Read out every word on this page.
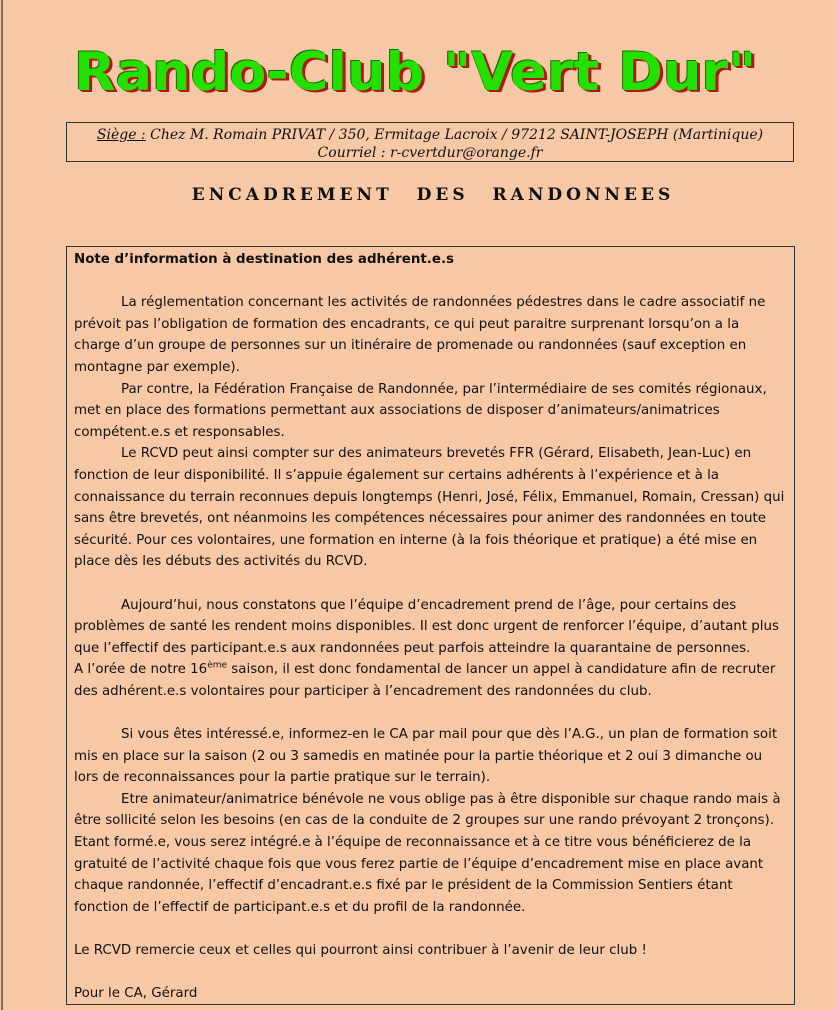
Rando-Club "Vert Dur"
Siège : Chez M. Romain PRIVAT / 350, Ermitage Lacroix / 97212 SAINT-JOSEPH (Martinique)
Courriel : r-cvertdur@orange.fr
ENCADREMENT DES RANDONNEES

Note d’information à destination des adhérent.e.s

La réglementation concernant les activités de randonnées pédestres dans le cadre associatif ne prévoit pas l’obligation de formation des encadrants, ce qui peut paraitre surprenant lorsqu’on a la charge d’un groupe de personnes sur un itinéraire de promenade ou randonnées (sauf exception en montagne par exemple).

Par contre, la Fédération Française de Randonnée, par l’intermédiaire de ses comités régionaux, met en place des formations permettant aux associations de disposer d’animateurs/animatrices compétent.e.s et responsables.

Le RCVD peut ainsi compter sur des animateurs brevetés FFR (Gérard, Elisabeth, Jean-Luc) en fonction de leur disponibilité. Il s’appuie également sur certains adhérents à l’expérience et à la connaissance du terrain reconnues depuis longtemps (Henri, José, Félix, Emmanuel, Romain, Cressan) qui sans être brevetés, ont néanmoins les compétences nécessaires pour animer des randonnées en toute sécurité. Pour ces volontaires, une formation en interne (à la fois théorique et pratique) a été mise en place dès les débuts des activités du RCVD.

Aujourd’hui, nous constatons que l’équipe d’encadrement prend de l’âge, pour certains des problèmes de santé les rendent moins disponibles. Il est donc urgent de renforcer l’équipe, d’autant plus que l’effectif des participant.e.s aux randonnées peut parfois atteindre la quarantaine de personnes.

A l’orée de notre 16ème saison, il est donc fondamental de lancer un appel à candidature afin de recruter des adhérent.e.s volontaires pour participer à l’encadrement des randonnées du club.

Si vous êtes intéressé.e, informez-en le CA par mail pour que dès l’A.G., un plan de formation soit mis en place sur la saison (2 ou 3 samedis en matinée pour la partie théorique et 2 oui 3 dimanche ou lors de reconnaissances pour la partie pratique sur le terrain).

Etre animateur/animatrice bénévole ne vous oblige pas à être disponible sur chaque rando mais à être sollicité selon les besoins (en cas de la conduite de 2 groupes sur une rando prévoyant 2 tronçons). Etant formé.e, vous serez intégré.e à l’équipe de reconnaissance et à ce titre vous bénéficierez de la gratuité de l’activité chaque fois que vous ferez partie de l’équipe d’encadrement mise en place avant chaque randonnée, l’effectif d’encadrant.e.s fixé par le président de la Commission Sentiers étant fonction de l’effectif de participant.e.s et du profil de la randonnée.

Le RCVD remercie ceux et celles qui pourront ainsi contribuer à l’avenir de leur club !

Pour le CA, Gérard
